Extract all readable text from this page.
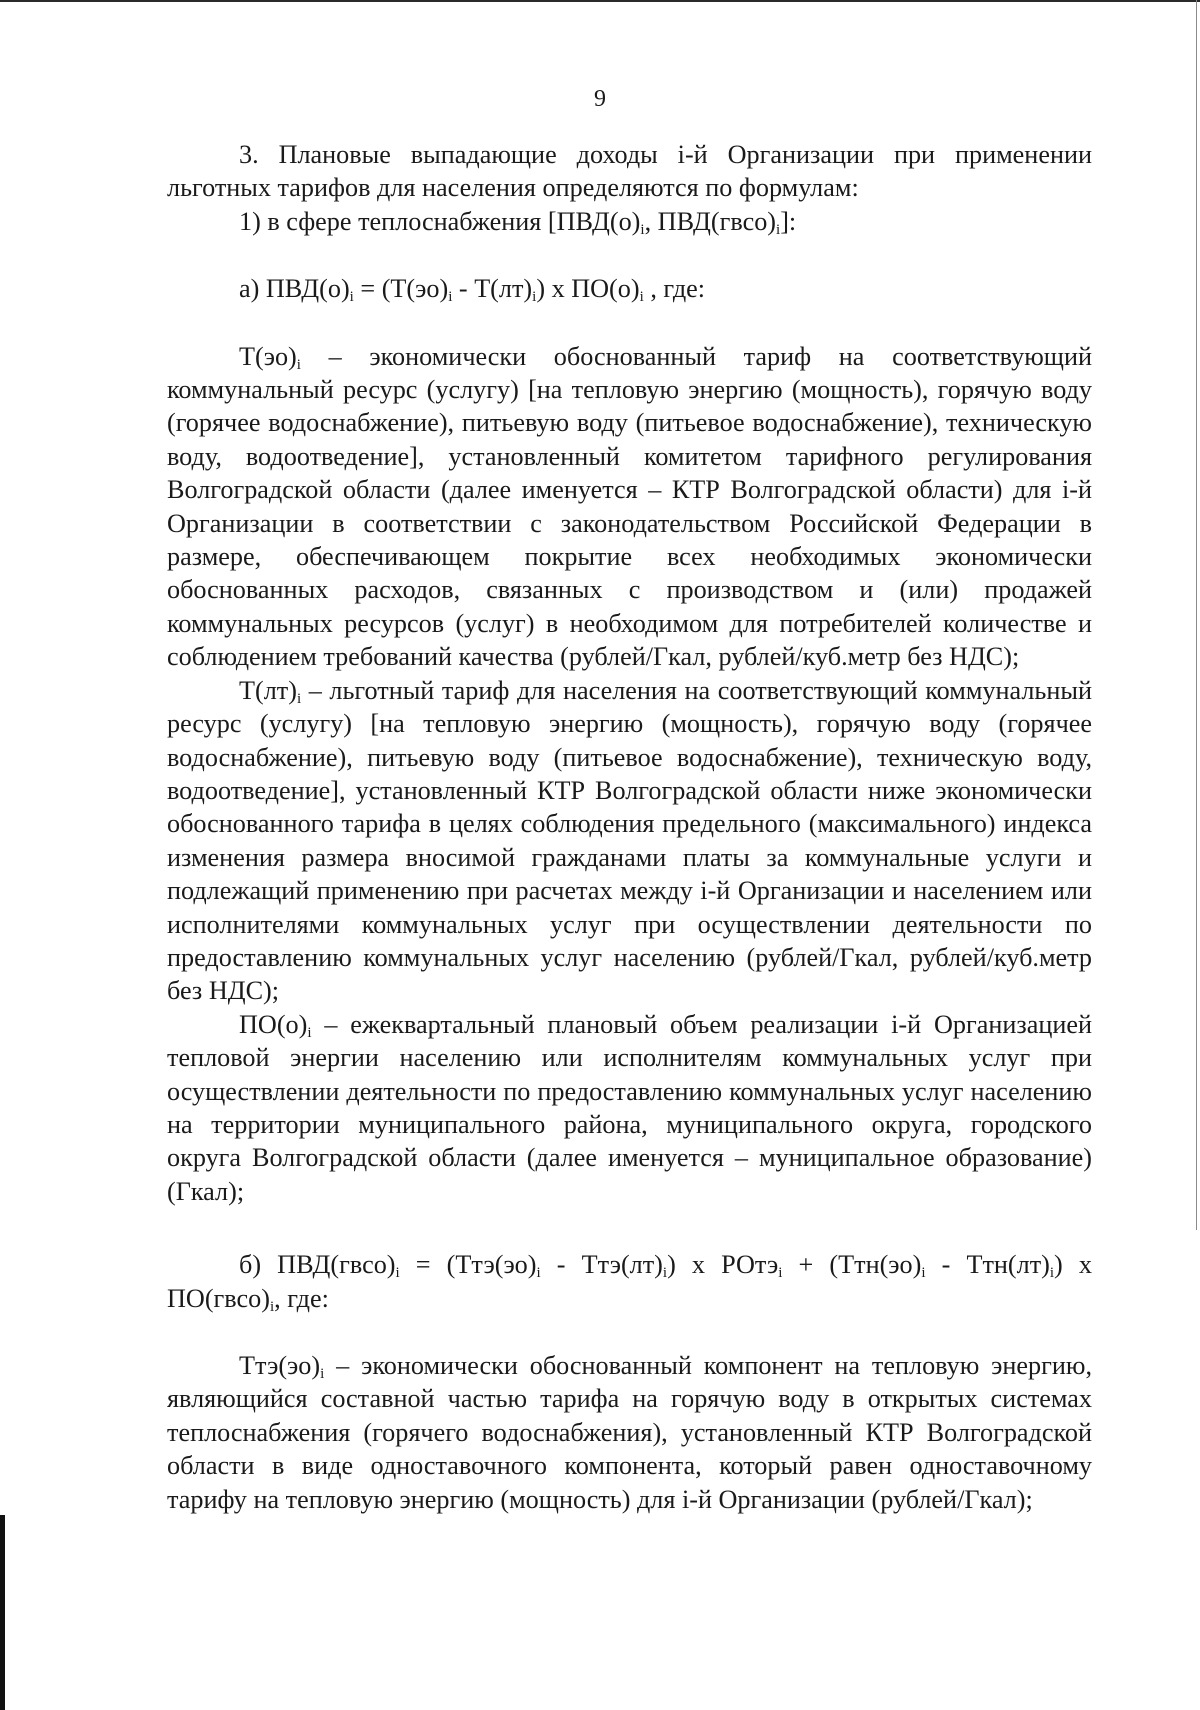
9

3. Плановые выпадающие доходы i-й Организации при применении льготных тарифов для населения определяются по формулам:

1) в сфере теплоснабжения [$ПВД(о)_i$, $ПВД(гвсо)_i$]:

а) $ПВД(о)_i = (Т(эо)_i - Т(лт)_i)$ х $ПО(о)_i$ , где:

$Т(эо)_i$ – экономически обоснованный тариф на соответствующий коммунальный ресурс (услугу) [на тепловую энергию (мощность), горячую воду (горячее водоснабжение), питьевую воду (питьевое водоснабжение), техническую воду, водоотведение], установленный комитетом тарифного регулирования Волгоградской области (далее именуется – КТР Волгоградской области) для i-й Организации в соответствии с законодательством Российской Федерации в размере, обеспечивающем покрытие всех необходимых экономически обоснованных расходов, связанных с производством и (или) продажей коммунальных ресурсов (услуг) в необходимом для потребителей количестве и соблюдением требований качества (рублей/Гкал, рублей/куб.метр без НДС);

$Т(лт)_i$ – льготный тариф для населения на соответствующий коммунальный ресурс (услугу) [на тепловую энергию (мощность), горячую воду (горячее водоснабжение), питьевую воду (питьевое водоснабжение), техническую воду, водоотведение], установленный КТР Волгоградской области ниже экономически обоснованного тарифа в целях соблюдения предельного (максимального) индекса изменения размера вносимой гражданами платы за коммунальные услуги и подлежащий применению при расчетах между i-й Организации и населением или исполнителями коммунальных услуг при осуществлении деятельности по предоставлению коммунальных услуг населению (рублей/Гкал, рублей/куб.метр без НДС);

$ПО(о)_i$ – ежеквартальный плановый объем реализации i-й Организацией тепловой энергии населению или исполнителям коммунальных услуг при осуществлении деятельности по предоставлению коммунальных услуг населению на территории муниципального района, муниципального округа, городского округа Волгоградской области (далее именуется – муниципальное образование) (Гкал);

б) $ПВД(гвсо)_i = (Ттэ(эо)_i - Ттэ(лт)_i)$ х РОтэ$_i$ + $(Ттн(эо)_i - Ттн(лт)_i)$ х $ПО(гвсо)_i$, где:

$Ттэ(эо)_i$ – экономически обоснованный компонент на тепловую энергию, являющийся составной частью тарифа на горячую воду в открытых системах теплоснабжения (горячего водоснабжения), установленный КТР Волгоградской области в виде одноставочного компонента, который равен одноставочному тарифу на тепловую энергию (мощность) для i-й Организации (рублей/Гкал);
